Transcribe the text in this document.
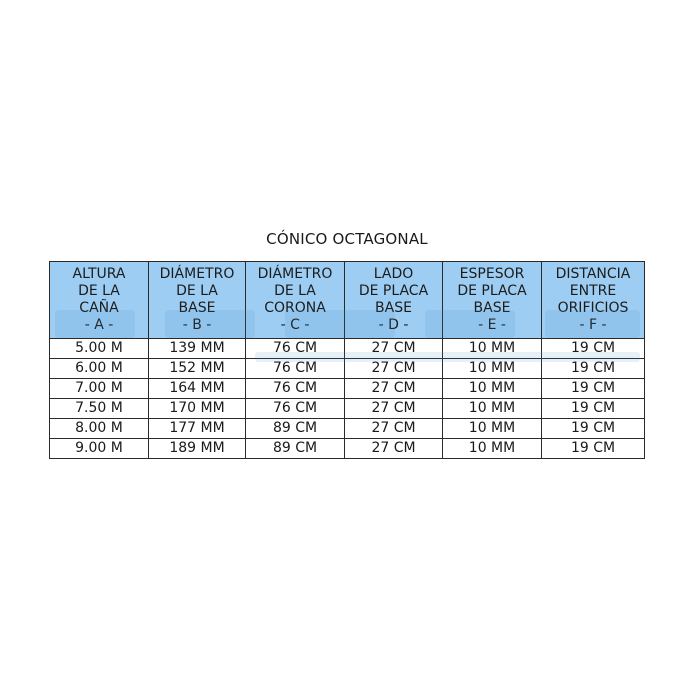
CÓNICO OCTAGONAL
ALTURA
DE LA
CAÑA
- A -	DIÁMETRO
DE LA
BASE
- B -	DIÁMETRO
DE LA
CORONA
- C -	LADO
DE PLACA
BASE
- D -	ESPESOR
DE PLACA
BASE
- E -	DISTANCIA
ENTRE
ORIFICIOS
- F -

5.00 M	139 MM	76 CM	27 CM	10 MM	19 CM
6.00 M	152 MM	76 CM	27 CM	10 MM	19 CM
7.00 M	164 MM	76 CM	27 CM	10 MM	19 CM
7.50 M	170 MM	76 CM	27 CM	10 MM	19 CM
8.00 M	177 MM	89 CM	27 CM	10 MM	19 CM
9.00 M	189 MM	89 CM	27 CM	10 MM	19 CM
